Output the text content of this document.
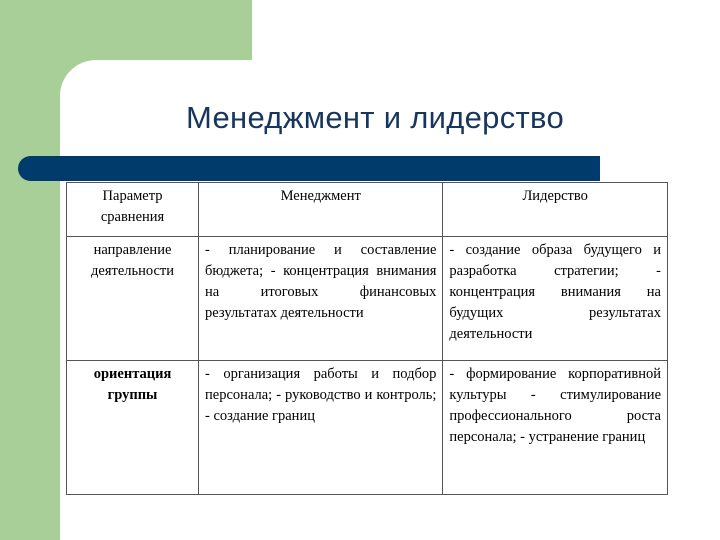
Менеджмент и лидерство
Параметр сравнения	Менеджмент	Лидерство
направление деятельности	- планирование и составление бюджета; - концентрация внимания на итоговых финансовых результатах деятельности	- создание образа будущего и разработка стратегии; - концентрация внимания на будущих результатах деятельности
ориентация группы	- организация работы и подбор персонала; - руководство и контроль; - создание границ	- формирование корпоративной культуры - стимулирование профессионального роста персонала; - устранение границ
